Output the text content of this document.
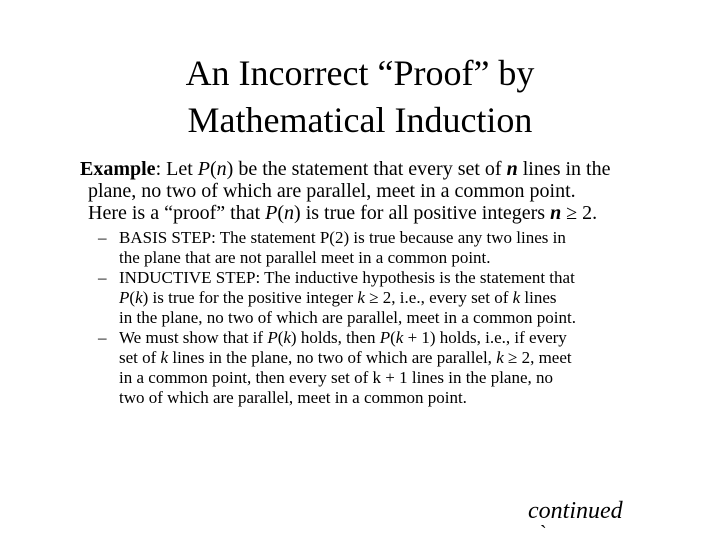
An Incorrect “Proof” by
Mathematical Induction
Example: Let P(n) be the statement that every set of n lines in the
plane, no two of which are parallel, meet in a common point.
Here is a “proof” that P(n) is true for all positive integers n ≥ 2.
– BASIS STEP: The statement P(2) is true because any two lines in
the plane that are not parallel meet in a common point.
– INDUCTIVE STEP: The inductive hypothesis is the statement that
P(k) is true for the positive integer k ≥ 2, i.e., every set of k lines
in the plane, no two of which are parallel, meet in a common point.
– We must show that if P(k) holds, then P(k + 1) holds, i.e., if every
set of k lines in the plane, no two of which are parallel, k ≥ 2, meet
in a common point, then every set of k + 1 lines in the plane, no
two of which are parallel, meet in a common point.
continued
`
